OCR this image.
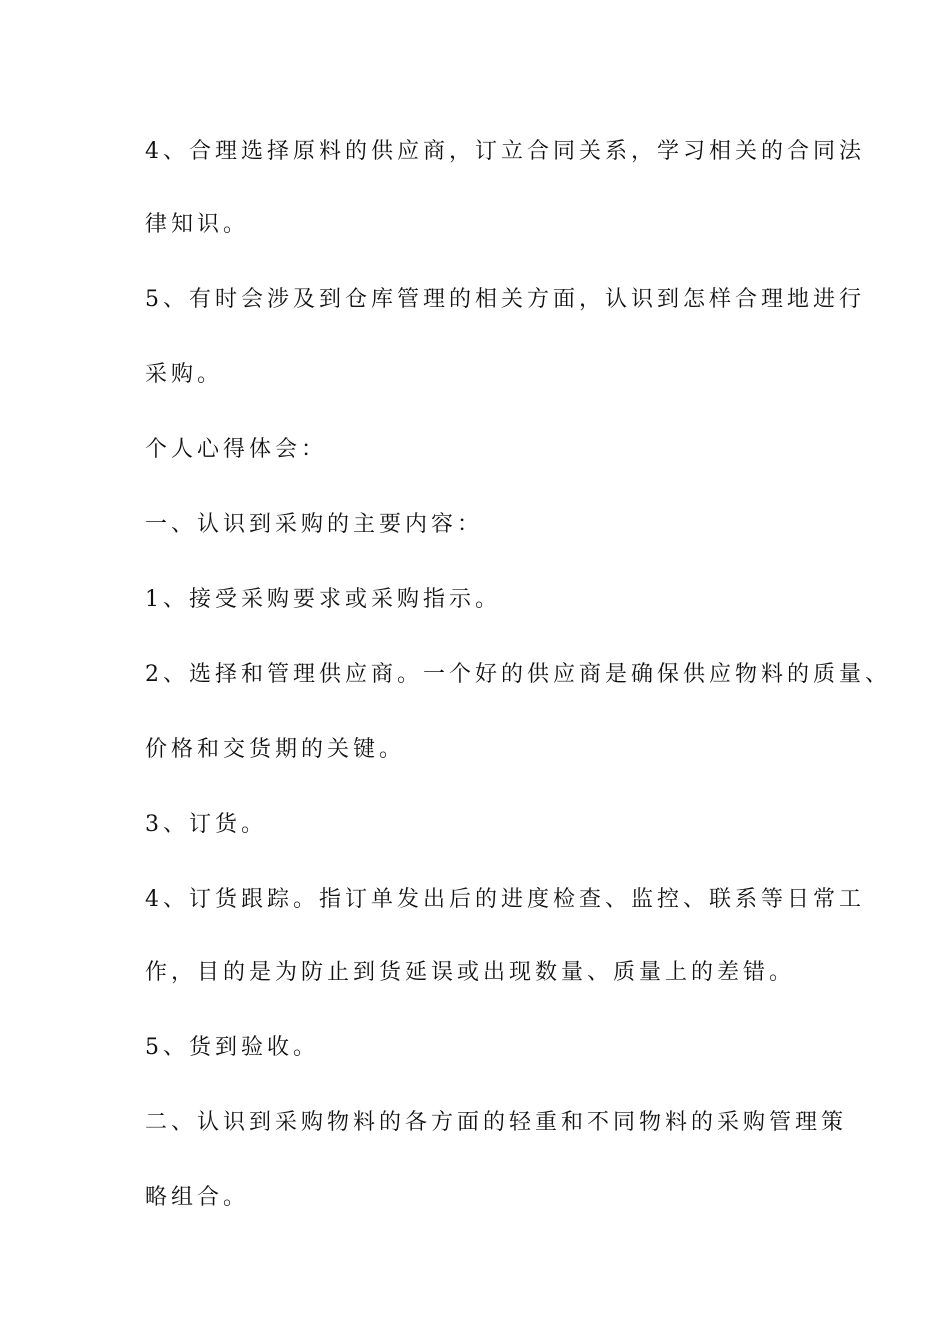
4、合理选择原料的供应商，订立合同关系，学习相关的合同法
律知识。
5、有时会涉及到仓库管理的相关方面，认识到怎样合理地进行
采购。
个人心得体会：
一、认识到采购的主要内容：
1、接受采购要求或采购指示。
2、选择和管理供应商。一个好的供应商是确保供应物料的质量、
价格和交货期的关键。
3、订货。
4、订货跟踪。指订单发出后的进度检查、监控、联系等日常工
作，目的是为防止到货延误或出现数量、质量上的差错。
5、货到验收。
二、认识到采购物料的各方面的轻重和不同物料的采购管理策
略组合。
